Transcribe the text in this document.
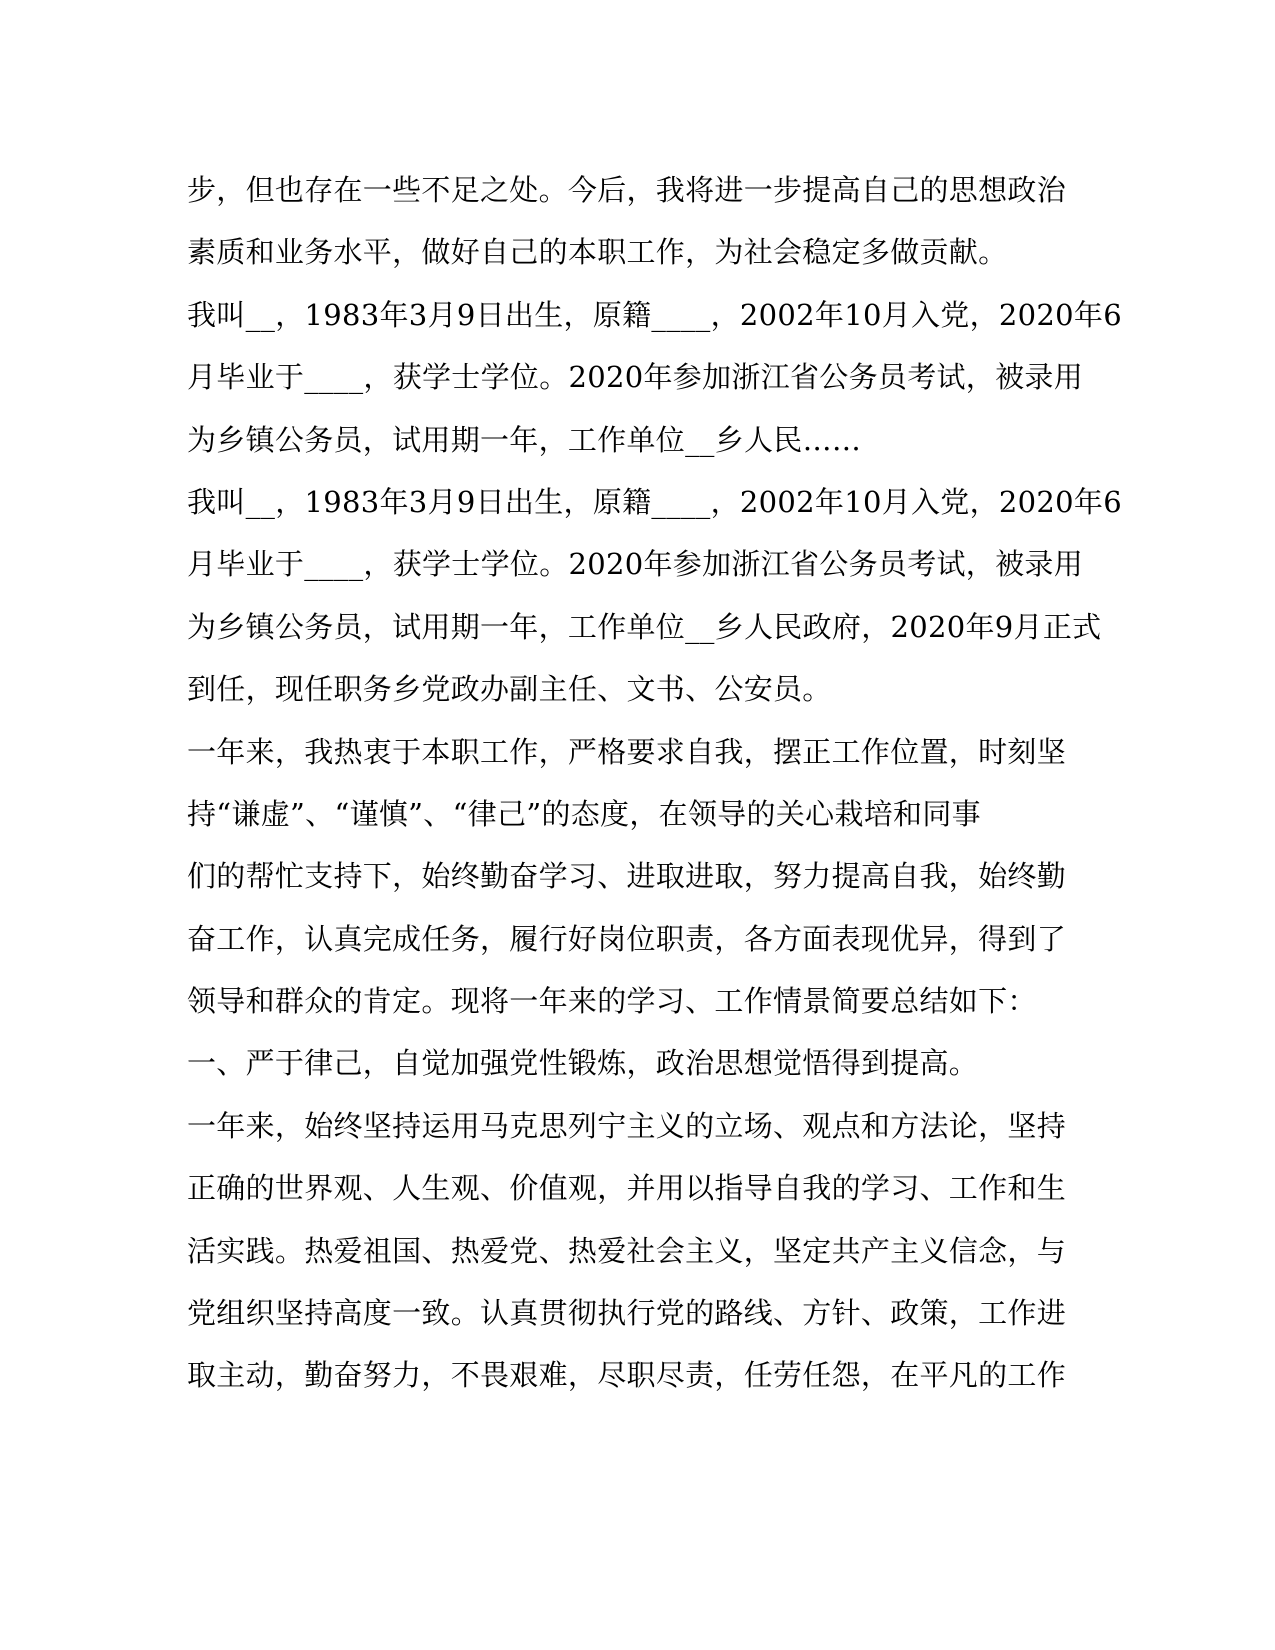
步，但也存在一些不足之处。今后，我将进一步提高自己的思想政治
素质和业务水平，做好自己的本职工作，为社会稳定多做贡献。
我叫__，1983年3月9日出生，原籍____，2002年10月入党，2020年6
月毕业于____，获学士学位。2020年参加浙江省公务员考试，被录用
为乡镇公务员，试用期一年，工作单位__乡人民……
我叫__，1983年3月9日出生，原籍____，2002年10月入党，2020年6
月毕业于____，获学士学位。2020年参加浙江省公务员考试，被录用
为乡镇公务员，试用期一年，工作单位__乡人民政府，2020年9月正式
到任，现任职务乡党政办副主任、文书、公安员。
一年来，我热衷于本职工作，严格要求自我，摆正工作位置，时刻坚
持“谦虚”、“谨慎”、“律己”的态度，在领导的关心栽培和同事
们的帮忙支持下，始终勤奋学习、进取进取，努力提高自我，始终勤
奋工作，认真完成任务，履行好岗位职责，各方面表现优异，得到了
领导和群众的肯定。现将一年来的学习、工作情景简要总结如下：
一、严于律己，自觉加强党性锻炼，政治思想觉悟得到提高。
一年来，始终坚持运用马克思列宁主义的立场、观点和方法论，坚持
正确的世界观、人生观、价值观，并用以指导自我的学习、工作和生
活实践。热爱祖国、热爱党、热爱社会主义，坚定共产主义信念，与
党组织坚持高度一致。认真贯彻执行党的路线、方针、政策，工作进
取主动，勤奋努力，不畏艰难，尽职尽责，任劳任怨，在平凡的工作
